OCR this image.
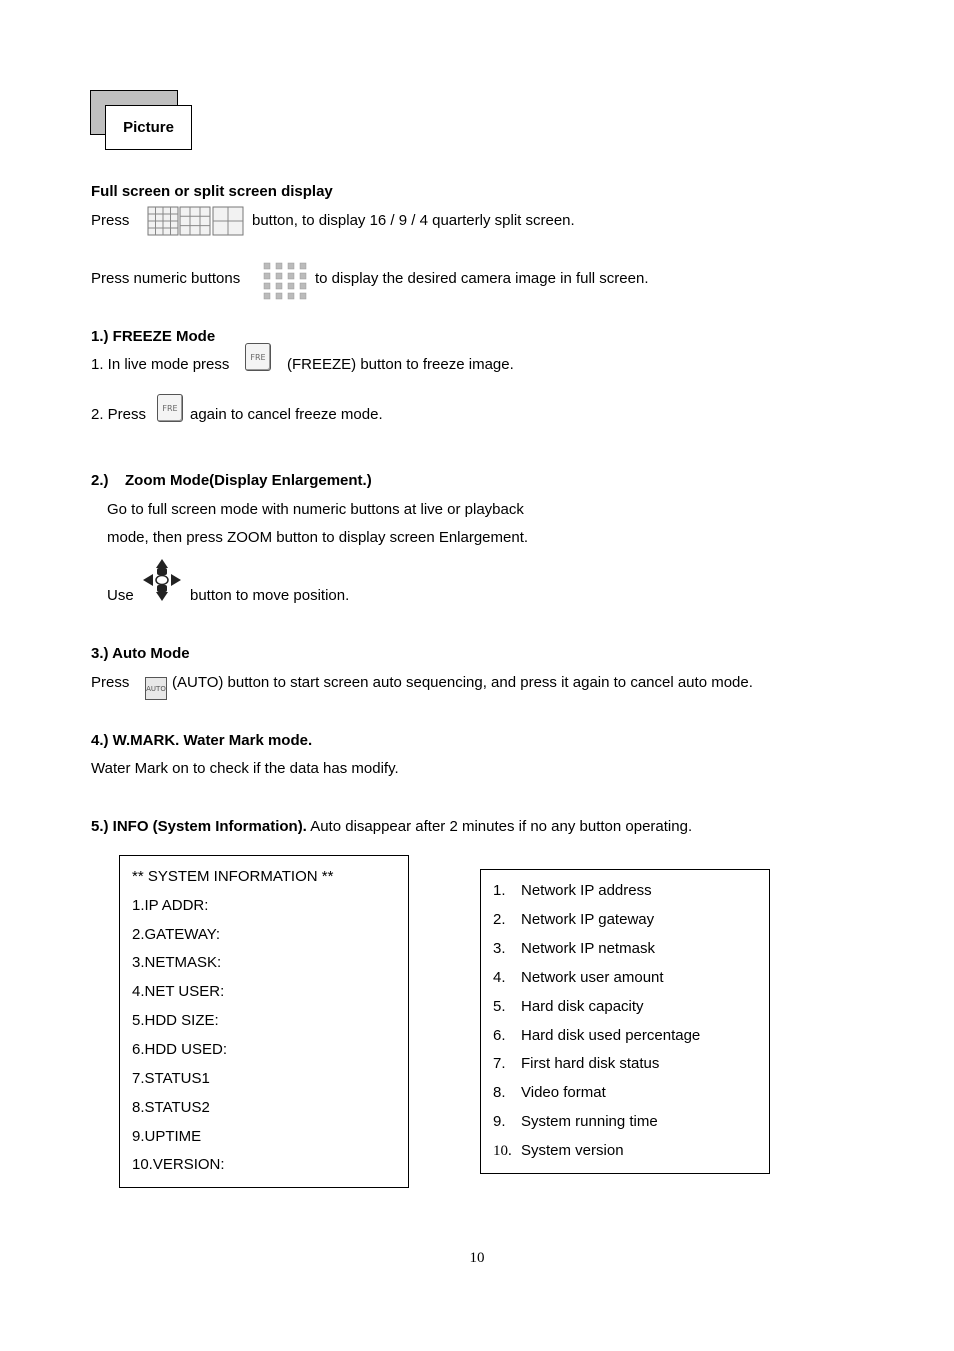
Picture
Full screen or split screen display
Press	button, to display 16 / 9 / 4 quarterly split screen.
Press numeric buttons	to display the desired camera image in full screen.
1.) FREEZE Mode
1. In live mode press	FRE	(FREEZE) button to freeze image.
2. Press	FRE again to cancel freeze mode.
2.) Zoom Mode(Display Enlargement.)
Go to full screen mode with numeric buttons at live or playback
mode, then press ZOOM button to display screen Enlargement.
Use	button to move position.
3.) Auto Mode
Press AUTO (AUTO) button to start screen auto sequencing, and press it again to cancel auto mode.
4.) W.MARK. Water Mark mode.
Water Mark on to check if the data has modify.
5.) INFO (System Information). Auto disappear after 2 minutes if no any button operating.
** SYSTEM INFORMATION **
1.IP ADDR:
2.GATEWAY:
3.NETMASK:
4.NET USER:
5.HDD SIZE:
6.HDD USED:
7.STATUS1
8.STATUS2
9.UPTIME
10.VERSION:
1. Network IP address
2. Network IP gateway
3. Network IP netmask
4. Network user amount
5. Hard disk capacity
6. Hard disk used percentage
7. First hard disk status
8. Video format
9. System running time
10. System version
10
